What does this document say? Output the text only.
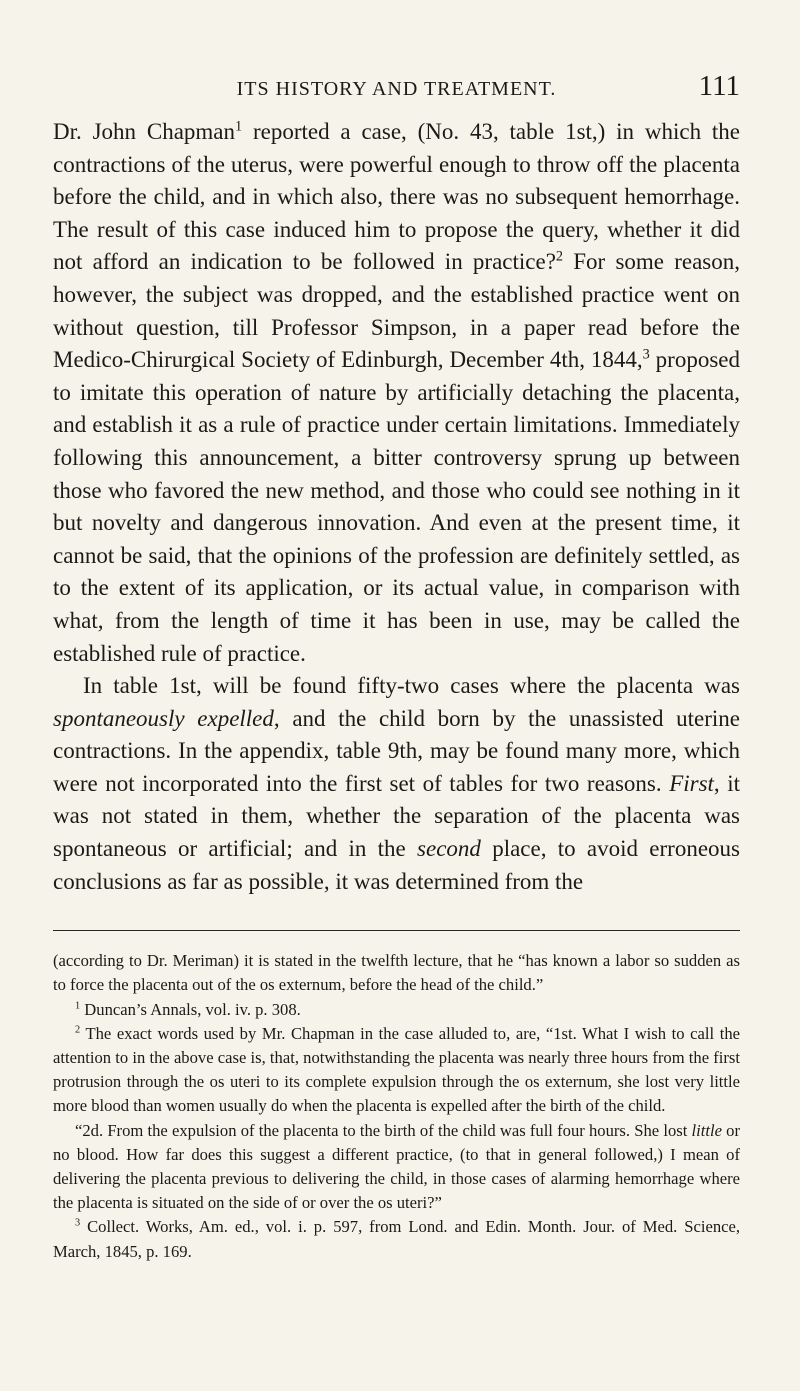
ITS HISTORY AND TREATMENT.	111

Dr. John Chapman$^1$ reported a case, (No. 43, table 1st,) in which the contractions of the uterus, were powerful enough to throw off the placenta before the child, and in which also, there was no subsequent hemorrhage. The result of this case induced him to propose the query, whether it did not afford an indication to be followed in practice?$^2$ For some reason, however, the subject was dropped, and the established practice went on without question, till Professor Simpson, in a paper read before the Medico-Chirurgical Society of Edinburgh, December 4th, 1844,$^3$ proposed to imitate this operation of nature by artificially detaching the placenta, and establish it as a rule of practice under certain limitations. Immediately following this announcement, a bitter controversy sprung up between those who favored the new method, and those who could see nothing in it but novelty and dangerous innovation. And even at the present time, it cannot be said, that the opinions of the profession are definitely settled, as to the extent of its application, or its actual value, in comparison with what, from the length of time it has been in use, may be called the established rule of practice.

In table 1st, will be found fifty-two cases where the placenta was spontaneously expelled, and the child born by the unassisted uterine contractions. In the appendix, table 9th, may be found many more, which were not incorporated into the first set of tables for two reasons. First, it was not stated in them, whether the separation of the placenta was spontaneous or artificial; and in the second place, to avoid erroneous conclusions as far as possible, it was determined from the

(according to Dr. Meriman) it is stated in the twelfth lecture, that he “has known a labor so sudden as to force the placenta out of the os externum, before the head of the child.”

$^1$ Duncan’s Annals, vol. iv. p. 308.

$^2$ The exact words used by Mr. Chapman in the case alluded to, are, “1st. What I wish to call the attention to in the above case is, that, notwithstanding the placenta was nearly three hours from the first protrusion through the os uteri to its complete expulsion through the os externum, she lost very little more blood than women usually do when the placenta is expelled after the birth of the child.

“2d. From the expulsion of the placenta to the birth of the child was full four hours. She lost little or no blood. How far does this suggest a different practice, (to that in general followed,) I mean of delivering the placenta previous to delivering the child, in those cases of alarming hemorrhage where the placenta is situated on the side of or over the os uteri?”

$^3$ Collect. Works, Am. ed., vol. i. p. 597, from Lond. and Edin. Month. Jour. of Med. Science, March, 1845, p. 169.
